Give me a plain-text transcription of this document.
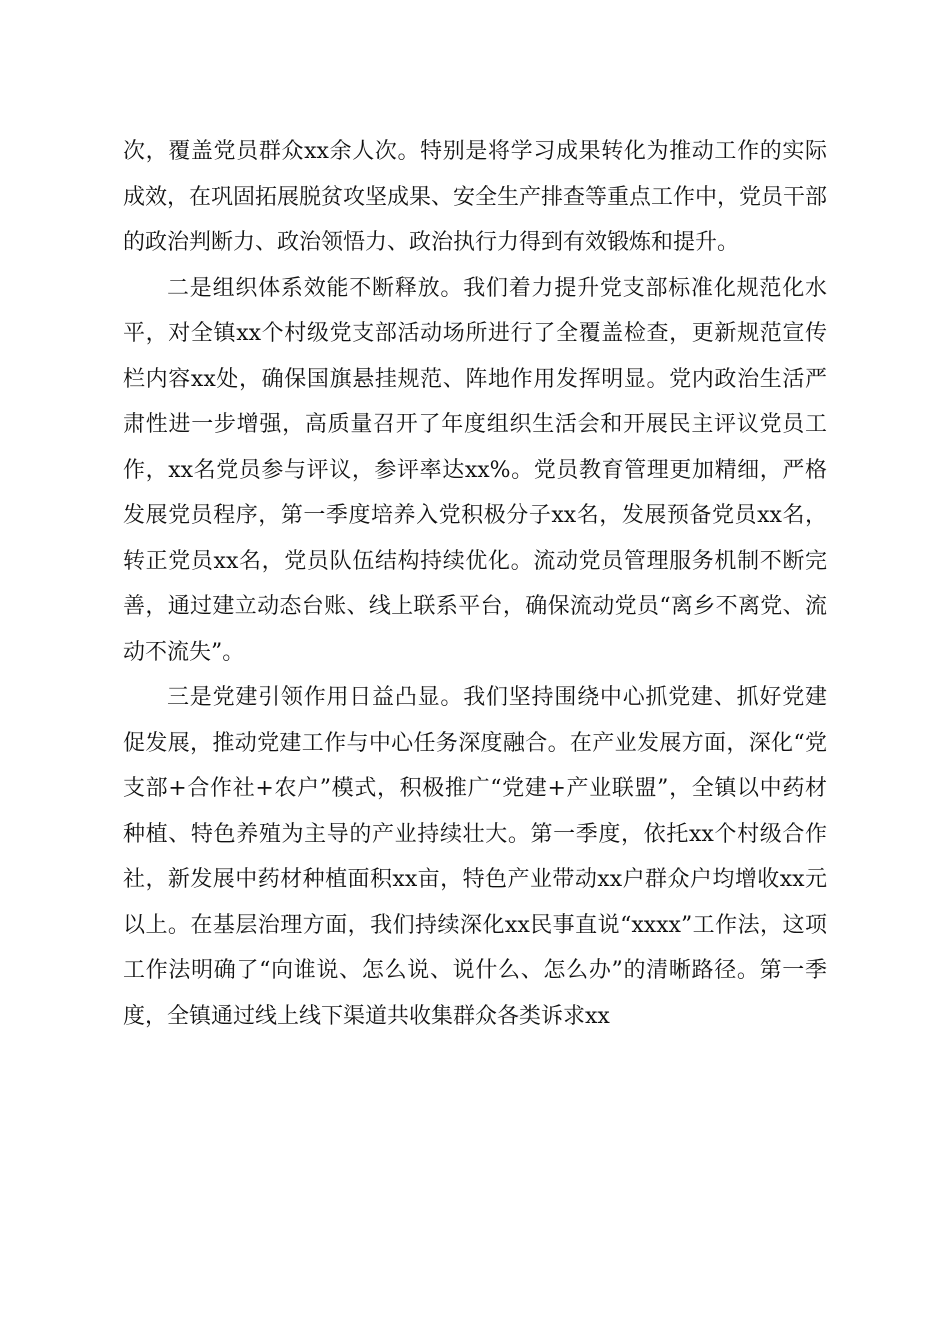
次，覆盖党员群众xx余人次。特别是将学习成果转化为推动工作的实际成效，在巩固拓展脱贫攻坚成果、安全生产排查等重点工作中，党员干部的政治判断力、政治领悟力、政治执行力得到有效锻炼和提升。

二是组织体系效能不断释放。我们着力提升党支部标准化规范化水平，对全镇xx个村级党支部活动场所进行了全覆盖检查，更新规范宣传栏内容xx处，确保国旗悬挂规范、阵地作用发挥明显。党内政治生活严肃性进一步增强，高质量召开了年度组织生活会和开展民主评议党员工作，xx名党员参与评议，参评率达xx%。党员教育管理更加精细，严格发展党员程序，第一季度培养入党积极分子xx名，发展预备党员xx名，转正党员xx名，党员队伍结构持续优化。流动党员管理服务机制不断完善，通过建立动态台账、线上联系平台，确保流动党员“离乡不离党、流动不流失”。

三是党建引领作用日益凸显。我们坚持围绕中心抓党建、抓好党建促发展，推动党建工作与中心任务深度融合。在产业发展方面，深化“党支部+合作社+农户”模式，积极推广“党建+产业联盟”，全镇以中药材种植、特色养殖为主导的产业持续壮大。第一季度，依托xx个村级合作社，新发展中药材种植面积xx亩，特色产业带动xx户群众户均增收xx元以上。在基层治理方面，我们持续深化xx民事直说“xxxx”工作法，这项工作法明确了“向谁说、怎么说、说什么、怎么办”的清晰路径。第一季度，全镇通过线上线下渠道共收集群众各类诉求xx
